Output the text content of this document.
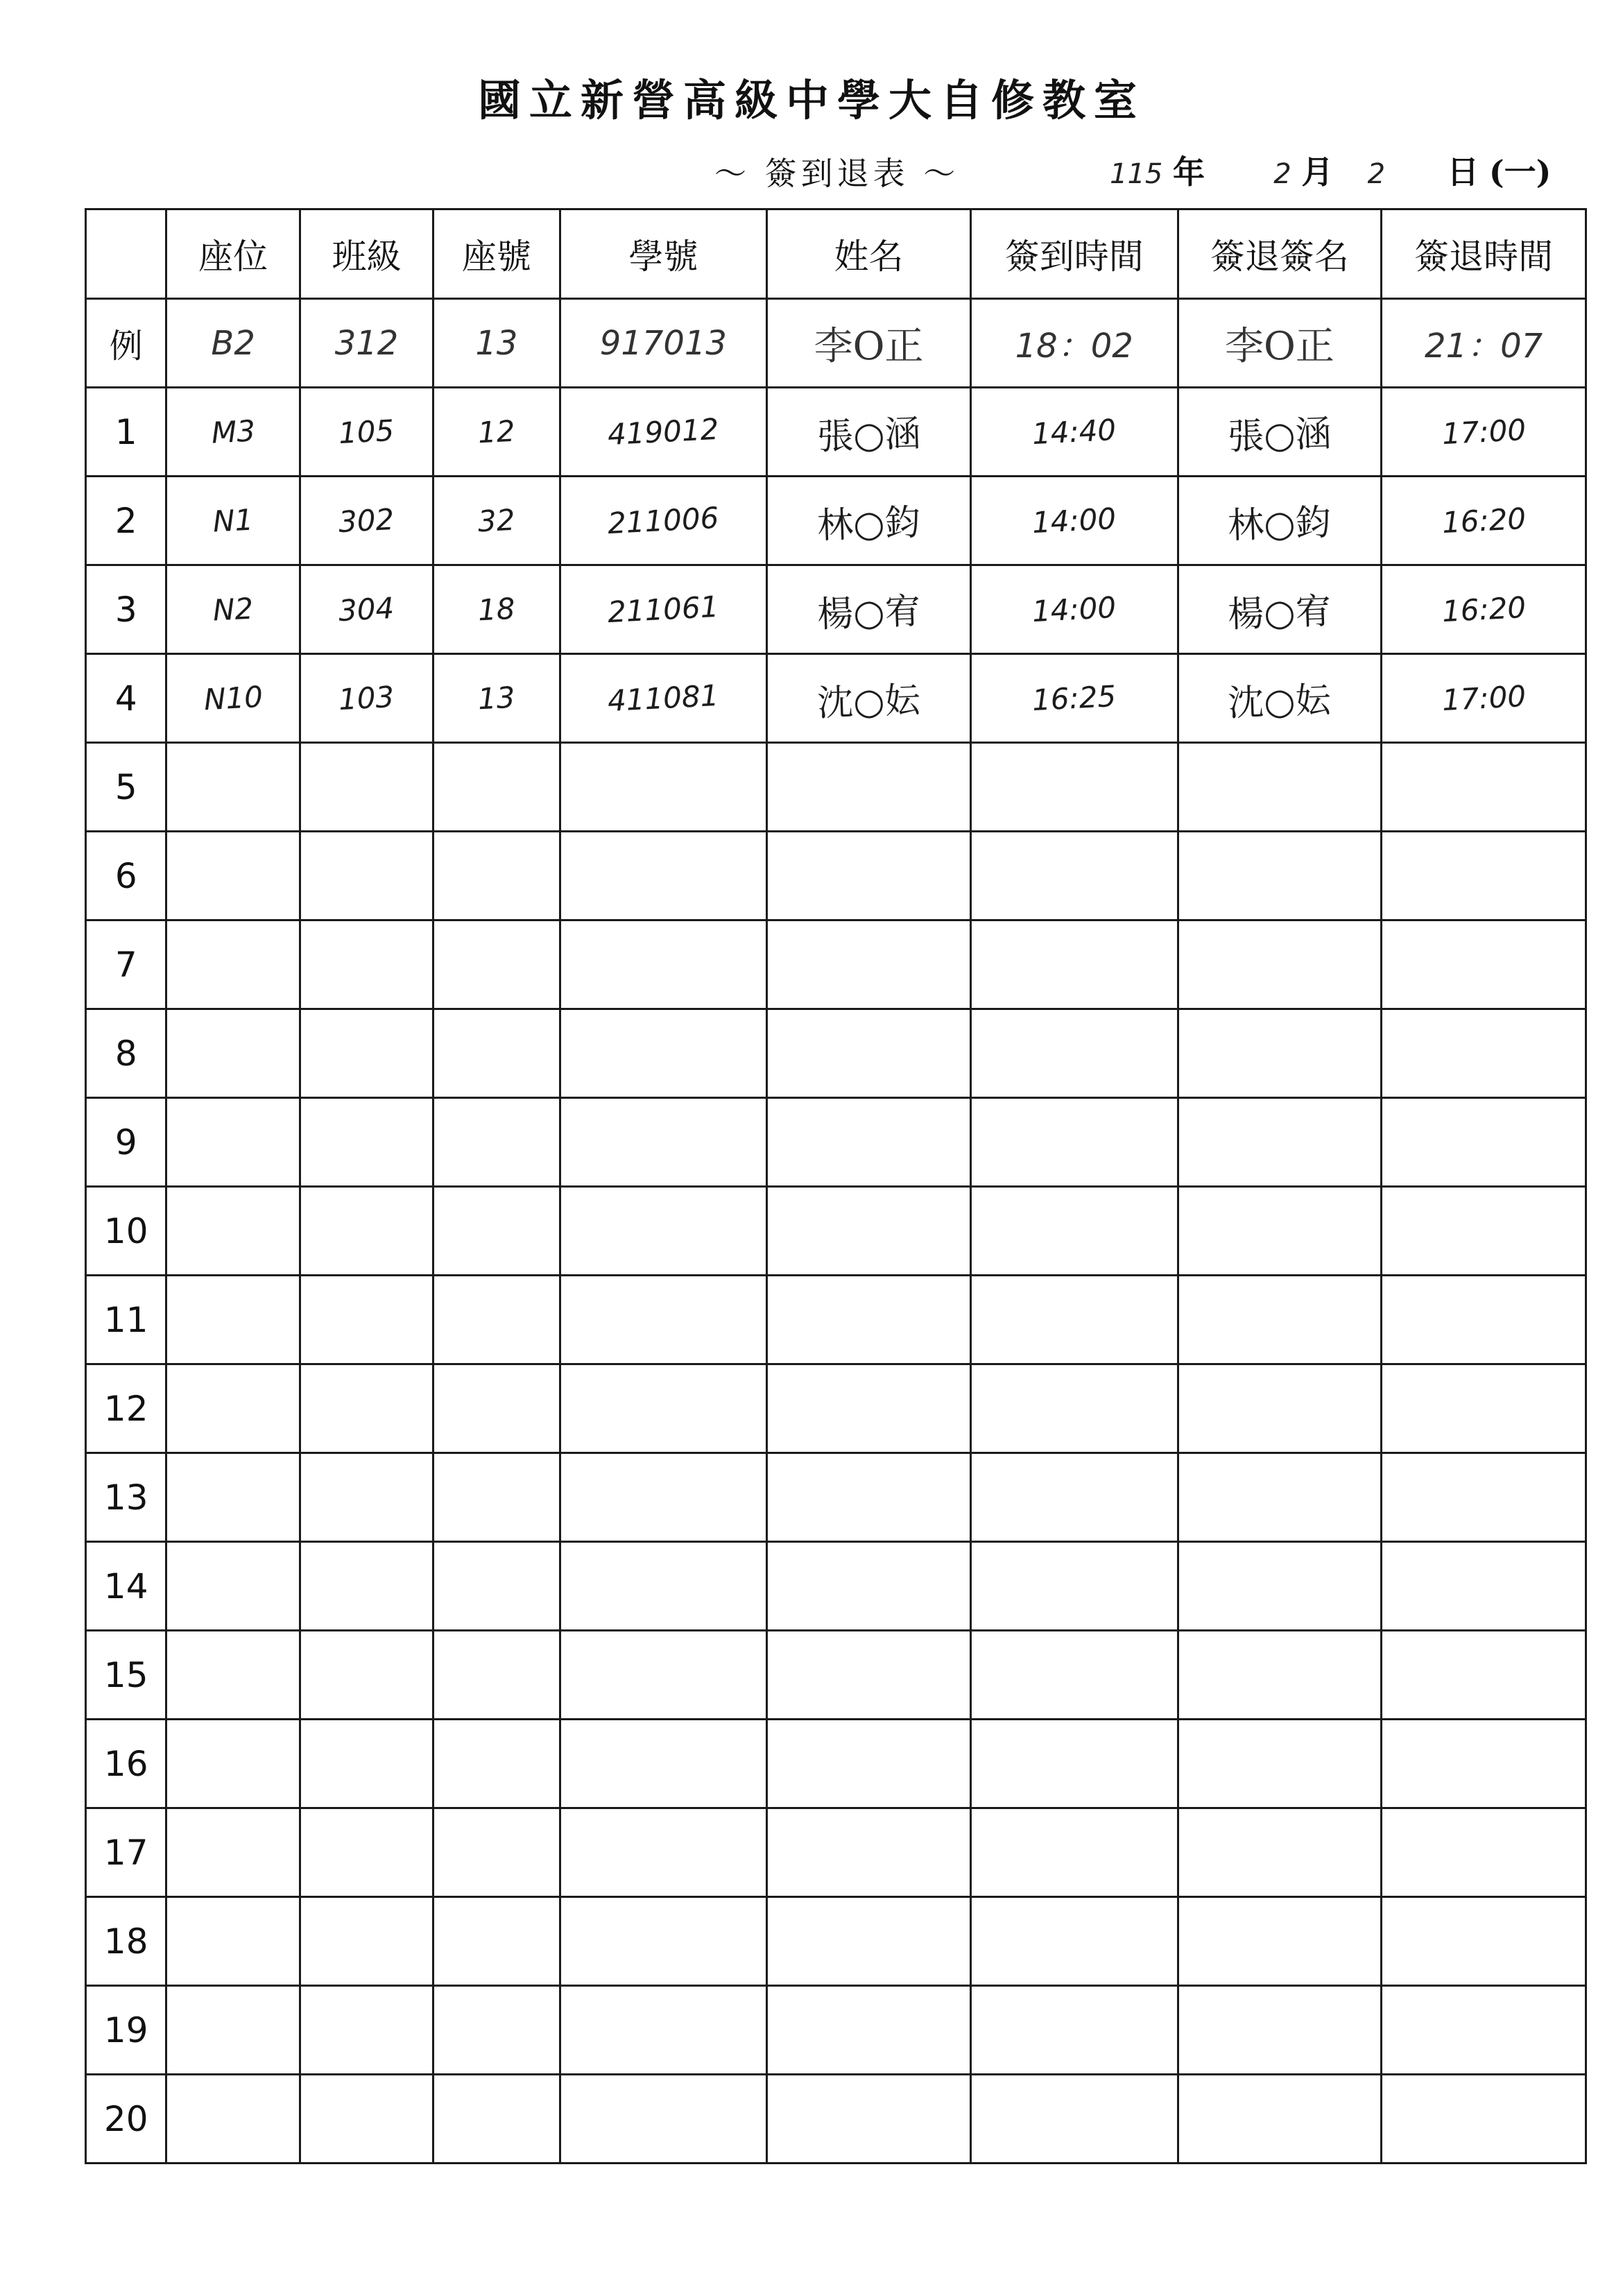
國立新營高級中學大自修教室
〜 簽到退表 〜	115 年 2 月 2 日 (一)
	座位	班級	座號	學號	姓名	簽到時間	簽退簽名	簽退時間
例	B2	312	13	917013	李O正	18：02	李O正	21：07
1	M3	105	12	419012	張○涵	14:40	張○涵	17:00
2	N1	302	32	211006	林○鈞	14:00	林○鈞	16:20
3	N2	304	18	211061	楊○宥	14:00	楊○宥	16:20
4	N10	103	13	411081	沈○妘	16:25	沈○妘	17:00
5								
6								
7								
8								
9								
10								
11								
12								
13								
14								
15								
16								
17								
18								
19								
20								
